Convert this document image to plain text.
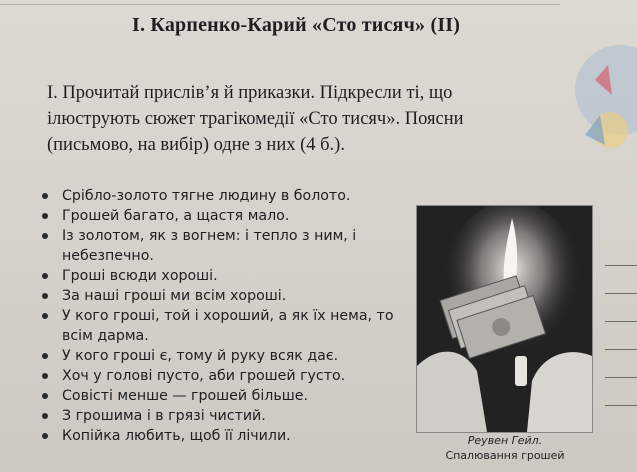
І. Карпенко-Карий «Сто тисяч» (ІІ)
І. Прочитай прислів’я й приказки. Підкресли ті, що
ілюструють сюжет трагікомедії «Сто тисяч». Поясни
(письмово, на вибір) одне з них (4 б.).
Срібло-золото тягне людину в болото.
Грошей багато, а щастя мало.
Із золотом, як з вогнем: і тепло з ним, і небезпечно.
Гроші всюди хороші.
За наші гроші ми всім хороші.
У кого гроші, той і хороший, а як їх нема, то всім дарма.
У кого гроші є, тому й руку всяк дає.
Хоч у голові пусто, аби грошей густо.
Совісті менше — грошей більше.
З грошима і в грязі чистий.
Копійка любить, щоб її лічили.	Реувен Гейл.
Спалювання грошей
